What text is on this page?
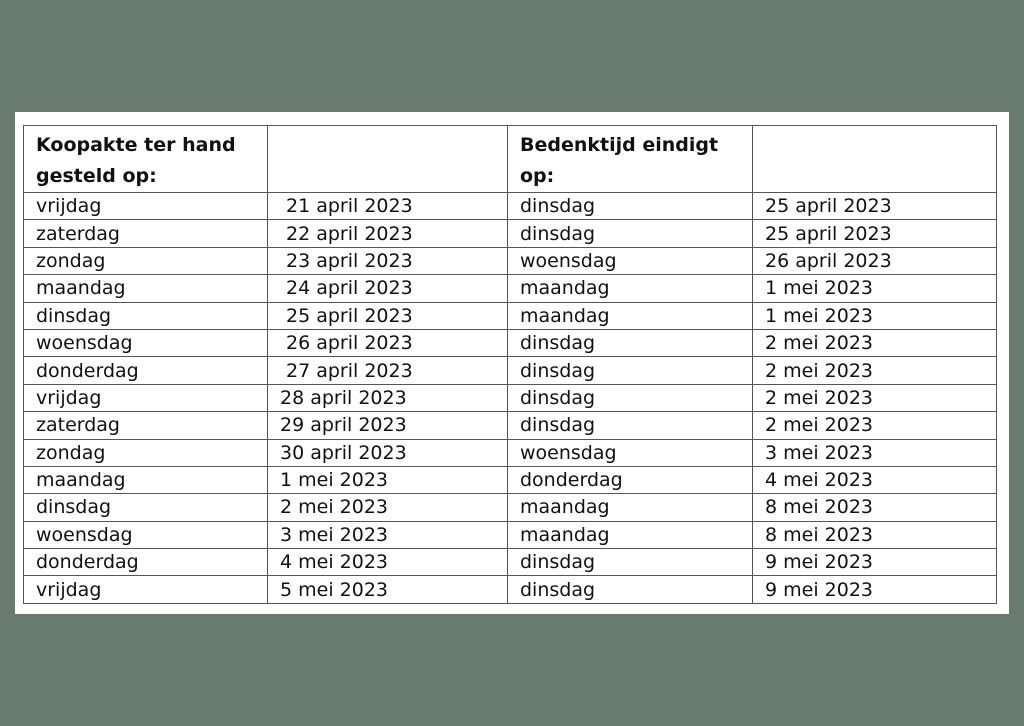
Koopakte ter hand gesteld op:		Bedenktijd eindigt op:	
vrijdag	21 april 2023	dinsdag	25 april 2023
zaterdag	22 april 2023	dinsdag	25 april 2023
zondag	23 april 2023	woensdag	26 april 2023
maandag	24 april 2023	maandag	1 mei 2023
dinsdag	25 april 2023	maandag	1 mei 2023
woensdag	26 april 2023	dinsdag	2 mei 2023
donderdag	27 april 2023	dinsdag	2 mei 2023
vrijdag	28 april 2023	dinsdag	2 mei 2023
zaterdag	29 april 2023	dinsdag	2 mei 2023
zondag	30 april 2023	woensdag	3 mei 2023
maandag	1 mei 2023	donderdag	4 mei 2023
dinsdag	2 mei 2023	maandag	8 mei 2023
woensdag	3 mei 2023	maandag	8 mei 2023
donderdag	4 mei 2023	dinsdag	9 mei 2023
vrijdag	5 mei 2023	dinsdag	9 mei 2023
